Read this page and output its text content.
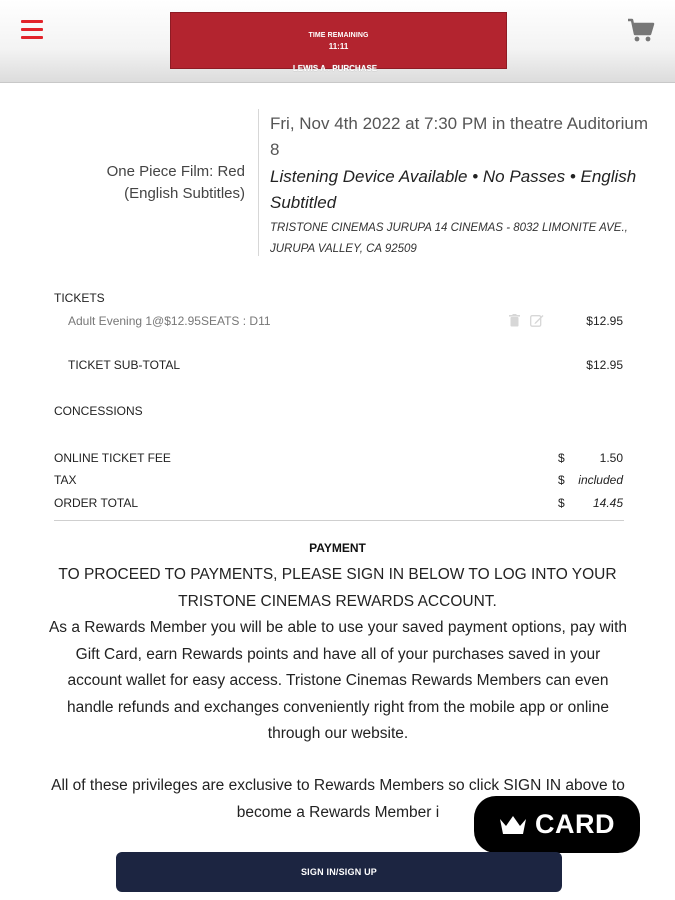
TIME REMAINING
11:11
LEWIS A . PURCHASE
One Piece Film: Red (English Subtitles)
Fri, Nov 4th 2022 at 7:30 PM in theatre Auditorium 8
Listening Device Available • No Passes • English Subtitled
TRISTONE CINEMAS JURUPA 14 CINEMAS - 8032 LIMONITE AVE., JURUPA VALLEY, CA 92509
TICKETS
Adult Evening 1@$12.95SEATS : D11	$12.95
TICKET SUB-TOTAL	$12.95
CONCESSIONS
ONLINE TICKET FEE	$	1.50
TAX	$	included
ORDER TOTAL	$	14.45
PAYMENT
TO PROCEED TO PAYMENTS, PLEASE SIGN IN BELOW TO LOG INTO YOUR TRISTONE CINEMAS REWARDS ACCOUNT.
As a Rewards Member you will be able to use your saved payment options, pay with Gift Card, earn Rewards points and have all of your purchases saved in your account wallet for easy access. Tristone Cinemas Rewards Members can even handle refunds and exchanges conveniently right from the mobile app or online through our website.
All of these privileges are exclusive to Rewards Members so click SIGN IN above to become a Rewards Member i	CARD
SIGN IN/SIGN UP
